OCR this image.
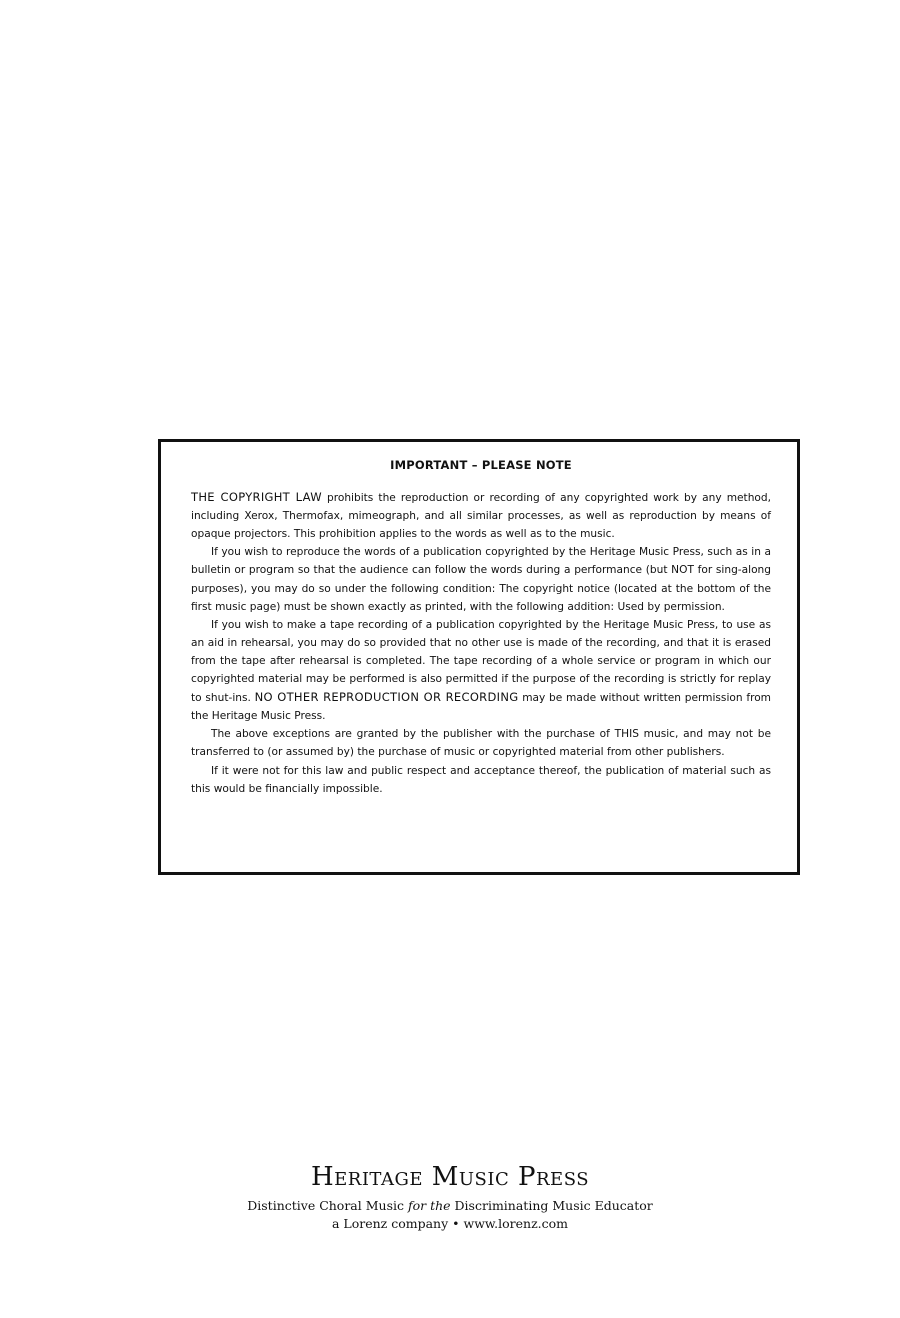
IMPORTANT – PLEASE NOTE

THE COPYRIGHT LAW prohibits the reproduction or recording of any copyrighted work by any method, including Xerox, Thermofax, mimeograph, and all similar processes, as well as reproduction by means of opaque projectors. This prohibition applies to the words as well as to the music.

If you wish to reproduce the words of a publication copyrighted by the Heritage Music Press, such as in a bulletin or program so that the audience can follow the words during a performance (but NOT for sing-along purposes), you may do so under the following condition: The copyright notice (located at the bottom of the first music page) must be shown exactly as printed, with the following addition: Used by permission.

If you wish to make a tape recording of a publication copyrighted by the Heritage Music Press, to use as an aid in rehearsal, you may do so provided that no other use is made of the recording, and that it is erased from the tape after rehearsal is completed. The tape recording of a whole service or program in which our copyrighted material may be performed is also permitted if the purpose of the recording is strictly for replay to shut-ins. NO OTHER REPRODUCTION OR RECORDING may be made without written permission from the Heritage Music Press.

The above exceptions are granted by the publisher with the purchase of THIS music, and may not be transferred to (or assumed by) the purchase of music or copyrighted material from other publishers.

If it were not for this law and public respect and acceptance thereof, the publication of material such as this would be financially impossible.

Heritage Music Press
Distinctive Choral Music for the Discriminating Music Educator
a Lorenz company • www.lorenz.com
